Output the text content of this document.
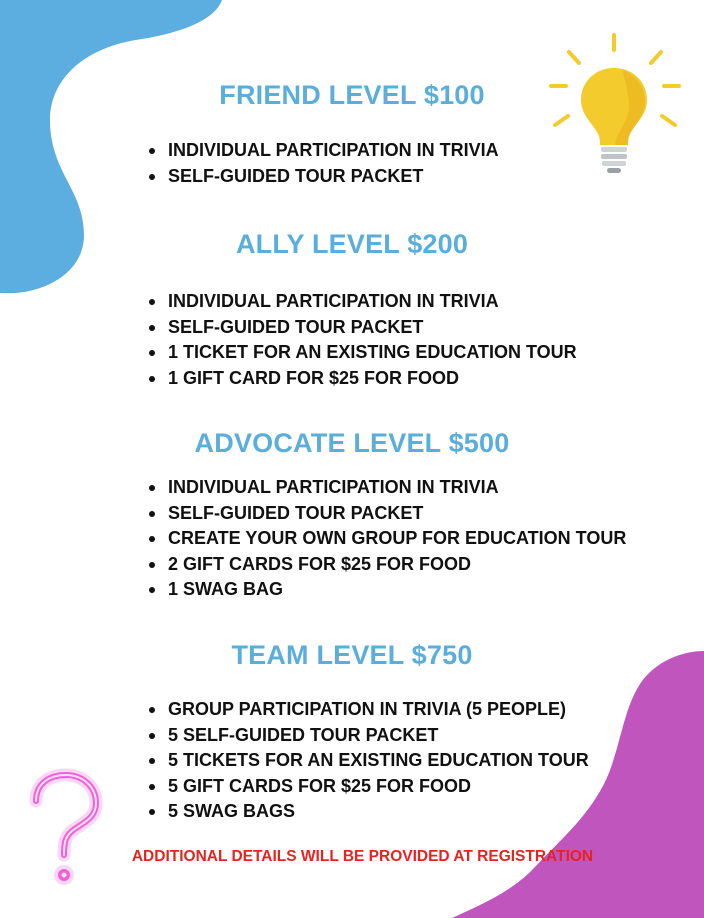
FRIEND LEVEL $100
INDIVIDUAL PARTICIPATION IN TRIVIA
SELF-GUIDED TOUR PACKET
ALLY LEVEL $200
INDIVIDUAL PARTICIPATION IN TRIVIA
SELF-GUIDED TOUR PACKET
1 TICKET FOR AN EXISTING EDUCATION TOUR
1 GIFT CARD FOR $25 FOR FOOD
ADVOCATE LEVEL $500
INDIVIDUAL PARTICIPATION IN TRIVIA
SELF-GUIDED TOUR PACKET
CREATE YOUR OWN GROUP FOR EDUCATION TOUR
2 GIFT CARDS FOR $25 FOR FOOD
1 SWAG BAG
TEAM LEVEL $750
GROUP PARTICIPATION IN TRIVIA (5 PEOPLE)
5 SELF-GUIDED TOUR PACKET
5 TICKETS FOR AN EXISTING EDUCATION TOUR
5 GIFT CARDS FOR $25 FOR FOOD
5 SWAG BAGS
ADDITIONAL DETAILS WILL BE PROVIDED AT REGISTRATION
